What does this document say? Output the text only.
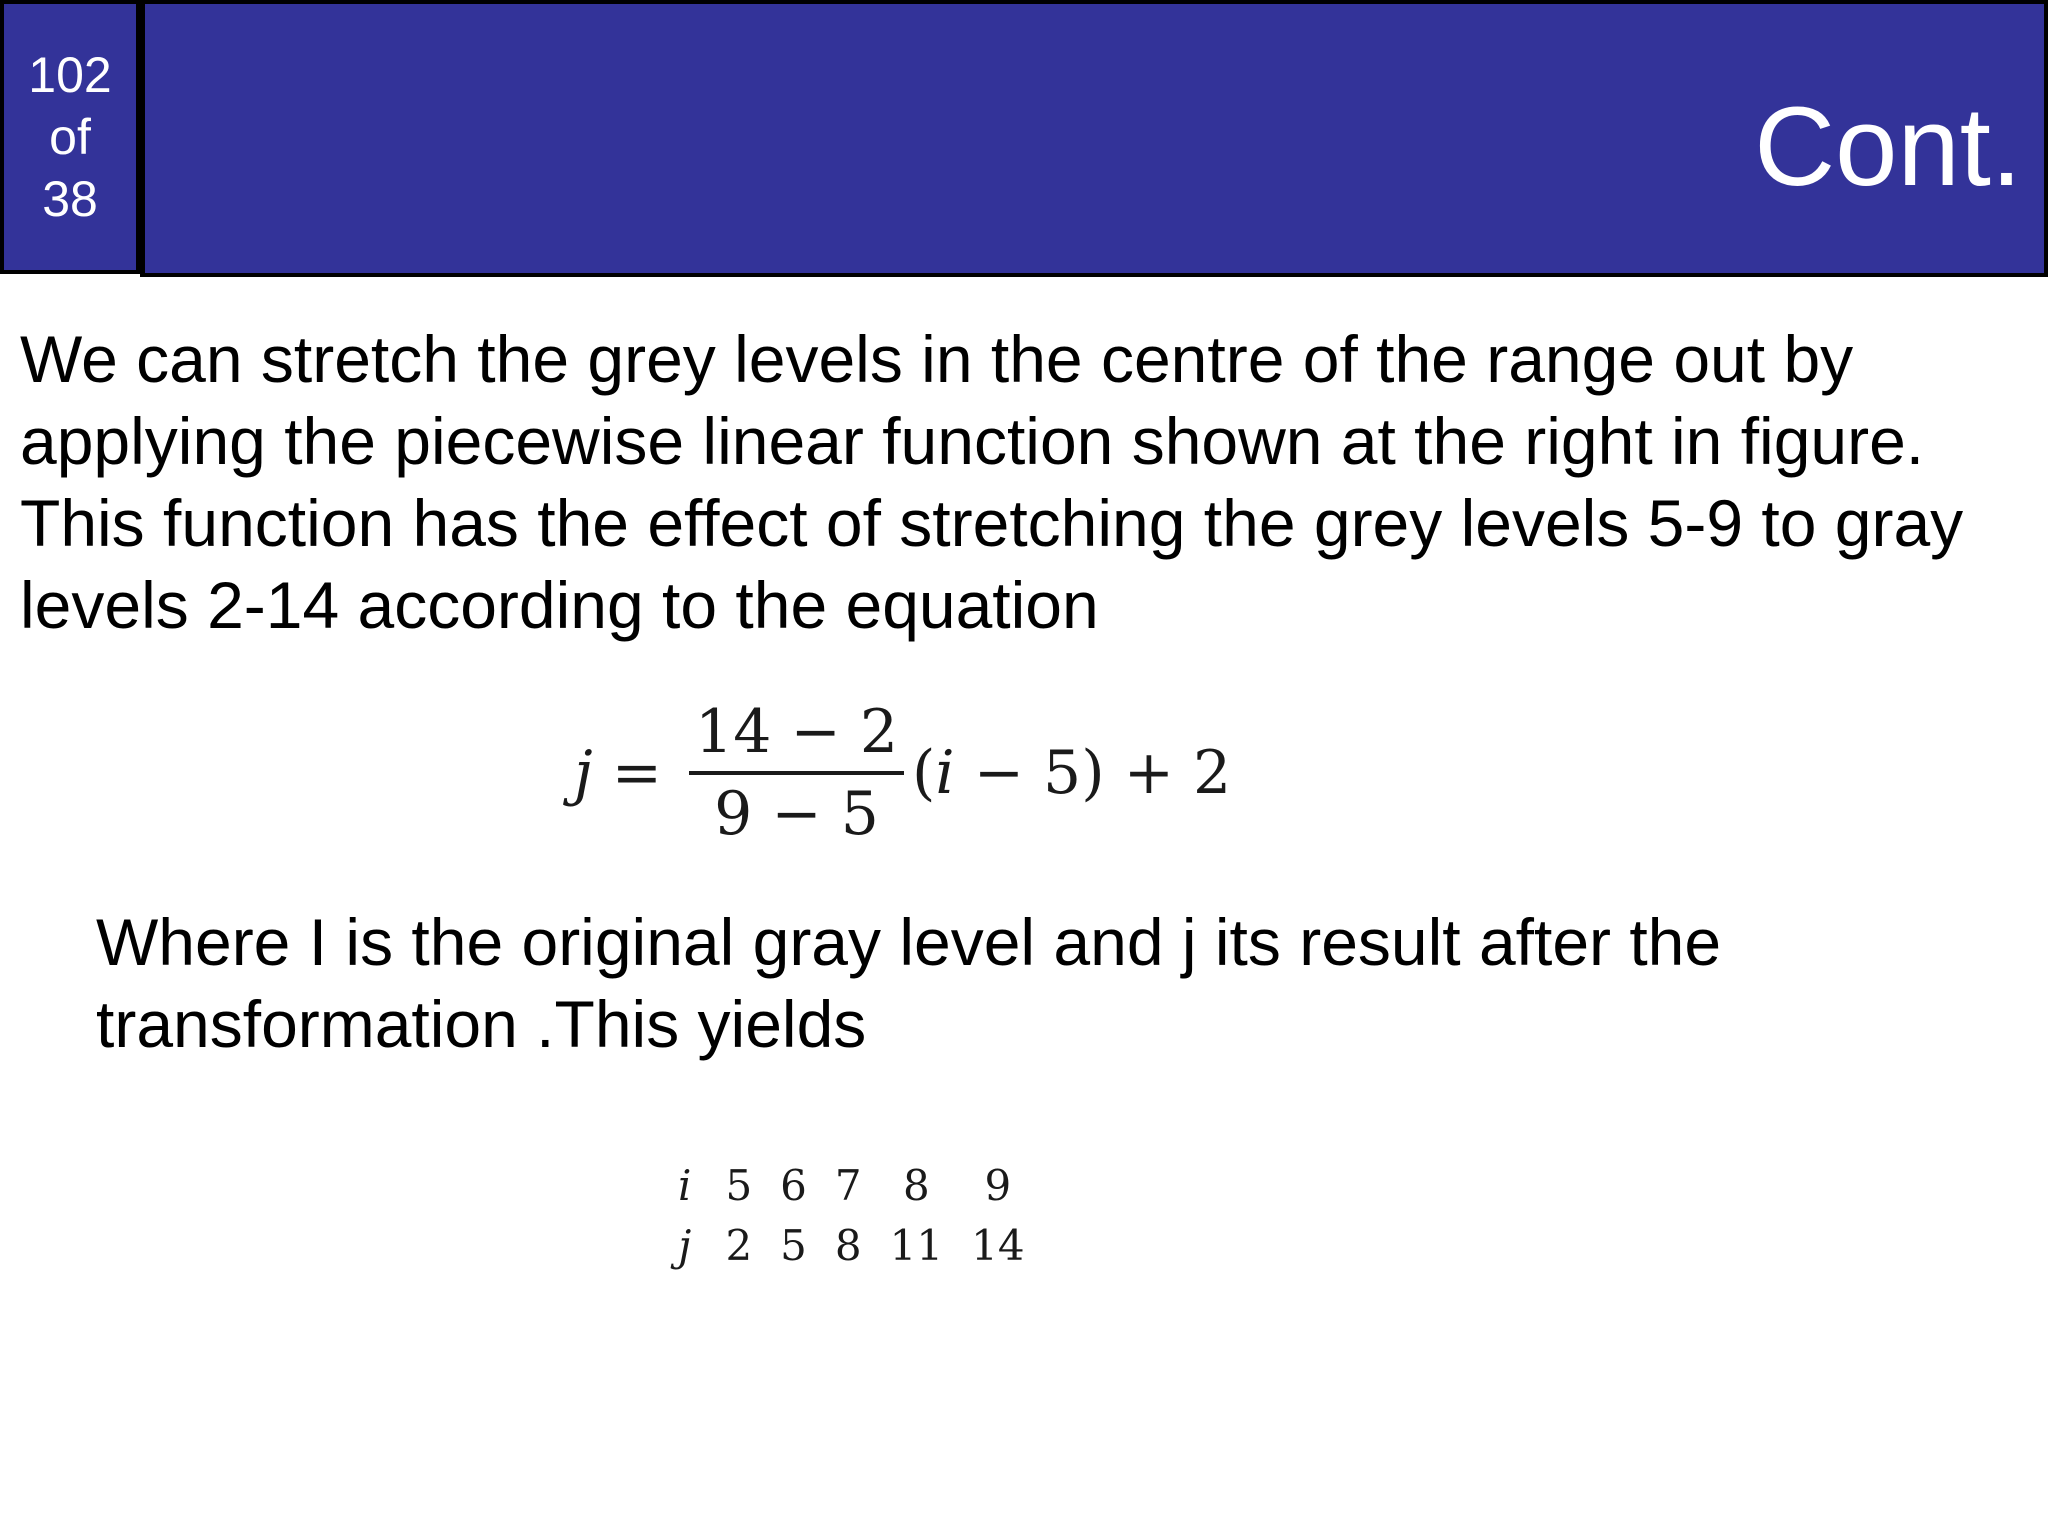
102
of
38	Cont.

We can stretch the grey levels in the centre of the range out by applying the piecewise linear function shown at the right in figure. This function has the effect of stretching the grey levels 5-9 to gray levels 2-14 according to the equation

$j = \frac{14 - 2}{9 - 5}$ ( i − 5) + 2

Where I is the original gray level and j its result after the transformation .This yields

i	5	6	7	8	9
j	2	5	8	11	14
